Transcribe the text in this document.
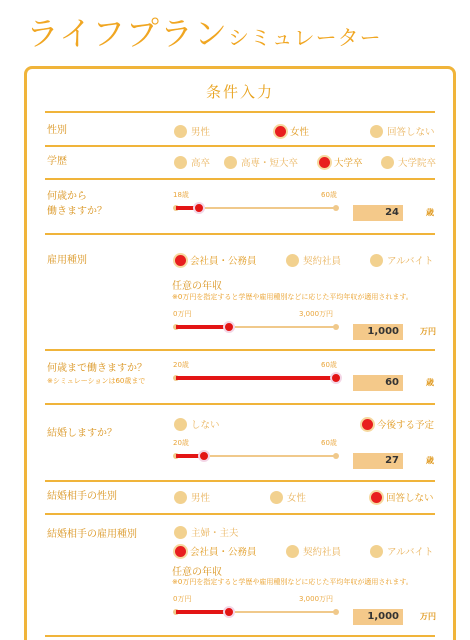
ライフプランシミュレーター
条件入力
性別	男性	女性	回答しない
学歴	高卒	高専・短大卒	大学卒	大学院卒
何歳から
働きますか？
18歳	60歳
24	歳
雇用種別	会社員・公務員	契約社員	アルバイト
任意の年収
※0万円を指定すると学歴や雇用種別などに応じた平均年収が適用されます。
0万円	3,000万円
1,000	万円
何歳まで働きますか？
※シミュレーションは60歳まで
20歳	60歳
60	歳
結婚しますか？
しない	今後する予定
20歳	60歳
27	歳
結婚相手の性別	男性	女性	回答しない
結婚相手の雇用種別	主婦・主夫
会社員・公務員	契約社員	アルバイト
任意の年収
※0万円を指定すると学歴や雇用種別などに応じた平均年収が適用されます。
0万円	3,000万円
1,000	万円
